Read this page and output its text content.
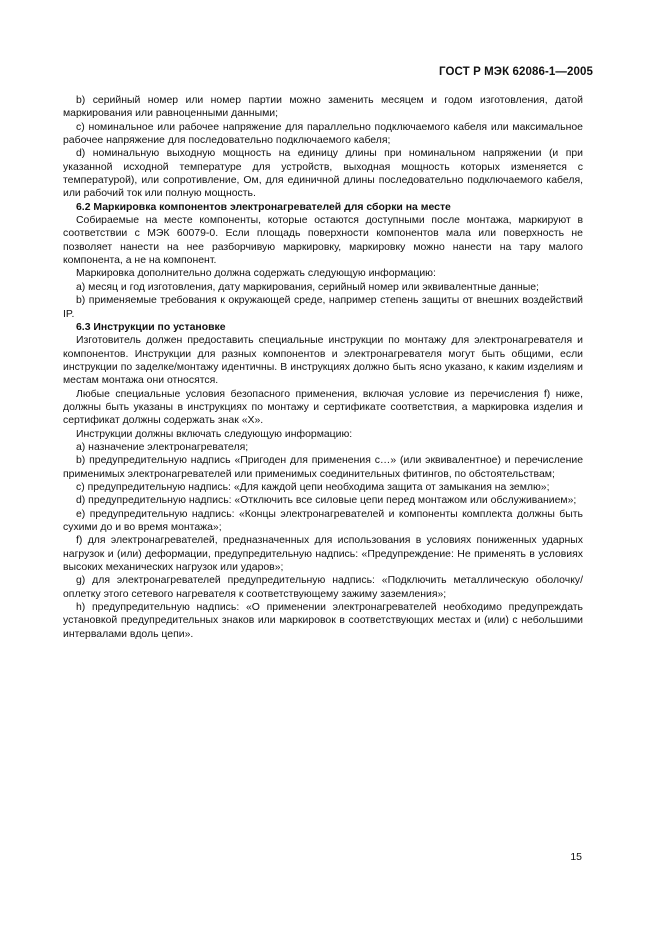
ГОСТ Р МЭК 62086-1—2005

b) серийный номер или номер партии можно заменить месяцем и годом изготовления, датой маркирования или равноценными данными;

c) номинальное или рабочее напряжение для параллельно подключаемого кабеля или максимальное рабочее напряжение для последовательно подключаемого кабеля;

d) номинальную выходную мощность на единицу длины при номинальном напряжении (и при указанной исходной температуре для устройств, выходная мощность которых изменяется с температурой), или сопротивление, Ом, для единичной длины последовательно подключаемого кабеля, или рабочий ток или полную мощность.

6.2 Маркировка компонентов электронагревателей для сборки на месте

Собираемые на месте компоненты, которые остаются доступными после монтажа, маркируют в соответствии с МЭК 60079-0. Если площадь поверхности компонентов мала или поверхность не позволяет нанести на нее разборчивую маркировку, маркировку можно нанести на тару малого компонента, а не на компонент.

Маркировка дополнительно должна содержать следующую информацию:

a) месяц и год изготовления, дату маркирования, серийный номер или эквивалентные данные;

b) применяемые требования к окружающей среде, например степень защиты от внешних воздействий IP.

6.3 Инструкции по установке

Изготовитель должен предоставить специальные инструкции по монтажу для электронагревателя и компонентов. Инструкции для разных компонентов и электронагревателя могут быть общими, если инструкции по заделке/монтажу идентичны. В инструкциях должно быть ясно указано, к каким изделиям и местам монтажа они относятся.

Любые специальные условия безопасного применения, включая условие из перечисления f) ниже, должны быть указаны в инструкциях по монтажу и сертификате соответствия, а маркировка изделия и сертификат должны содержать знак «X».

Инструкции должны включать следующую информацию:

a) назначение электронагревателя;

b) предупредительную надпись «Пригоден для применения с…» (или эквивалентное) и перечисление применимых электронагревателей или применимых соединительных фитингов, по обстоятельствам;

c) предупредительную надпись: «Для каждой цепи необходима защита от замыкания на землю»;

d) предупредительную надпись: «Отключить все силовые цепи перед монтажом или обслуживанием»;

e) предупредительную надпись: «Концы электронагревателей и компоненты комплекта должны быть сухими до и во время монтажа»;

f) для электронагревателей, предназначенных для использования в условиях пониженных ударных нагрузок и (или) деформации, предупредительную надпись: «Предупреждение: Не применять в условиях высоких механических нагрузок или ударов»;

g) для электронагревателей предупредительную надпись: «Подключить металлическую оболочку/оплетку этого сетевого нагревателя к соответствующему зажиму заземления»;

h) предупредительную надпись: «О применении электронагревателей необходимо предупреждать установкой предупредительных знаков или маркировок в соответствующих местах и (или) с небольшими интервалами вдоль цепи».

15
